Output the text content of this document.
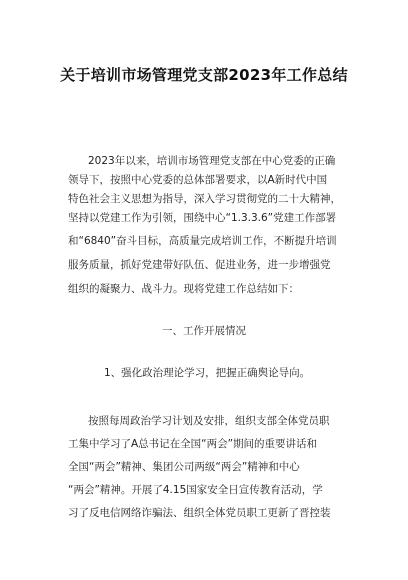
关于培训市场管理党支部2023年工作总结
2023年以来，培训市场管理党支部在中心党委的正确
领导下，按照中心党委的总体部署要求，以A新时代中国
特色社会主义思想为指导，深入学习贯彻党的二十大精神，
坚持以党建工作为引领，围绕中心“1.3.3.6”党建工作部署
和“6840”奋斗目标，高质量完成培训工作，不断提升培训
服务质量，抓好党建带好队伍、促进业务，进一步增强党
组织的凝聚力、战斗力。现将党建工作总结如下：
一、工作开展情况
1、强化政治理论学习，把握正确舆论导向。
按照每周政治学习计划及安排，组织支部全体党员职
工集中学习了A总书记在全国“两会”期间的重要讲话和
全国“两会”精神、集团公司两级“两会”精神和中心
“两会”精神。开展了4.15国家安全日宣传教育活动，学
习了反电信网络诈骗法、组织全体党员职工更新了晋控装
